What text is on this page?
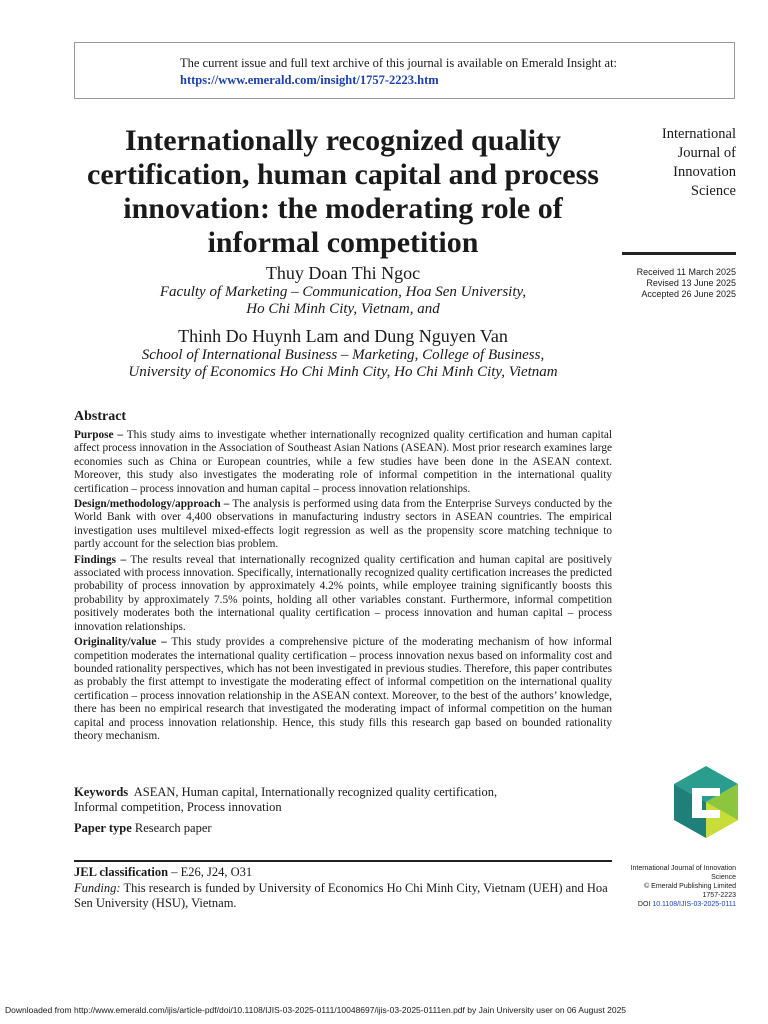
The current issue and full text archive of this journal is available on Emerald Insight at:
https://www.emerald.com/insight/1757-2223.htm
Internationally recognized quality certification, human capital and process innovation: the moderating role of informal competition
Thuy Doan Thi Ngoc
Faculty of Marketing – Communication, Hoa Sen University,
Ho Chi Minh City, Vietnam, and
Thinh Do Huynh Lam and Dung Nguyen Van
School of International Business – Marketing, College of Business,
University of Economics Ho Chi Minh City, Ho Chi Minh City, Vietnam
International
Journal of
Innovation
Science
Received 11 March 2025
Revised 13 June 2025
Accepted 26 June 2025
Abstract

Purpose – This study aims to investigate whether internationally recognized quality certification and human capital affect process innovation in the Association of Southeast Asian Nations (ASEAN). Most prior research examines large economies such as China or European countries, while a few studies have been done in the ASEAN context. Moreover, this study also investigates the moderating role of informal competition in the international quality certification – process innovation and human capital – process innovation relationships.

Design/methodology/approach – The analysis is performed using data from the Enterprise Surveys conducted by the World Bank with over 4,400 observations in manufacturing industry sectors in ASEAN countries. The empirical investigation uses multilevel mixed-effects logit regression as well as the propensity score matching technique to partly account for the selection bias problem.

Findings – The results reveal that internationally recognized quality certification and human capital are positively associated with process innovation. Specifically, internationally recognized quality certification increases the predicted probability of process innovation by approximately 4.2% points, while employee training significantly boosts this probability by approximately 7.5% points, holding all other variables constant. Furthermore, informal competition positively moderates both the international quality certification – process innovation and human capital – process innovation relationships.

Originality/value – This study provides a comprehensive picture of the moderating mechanism of how informal competition moderates the international quality certification – process innovation nexus based on informality cost and bounded rationality perspectives, which has not been investigated in previous studies. Therefore, this paper contributes as probably the first attempt to investigate the moderating effect of informal competition on the international quality certification – process innovation relationship in the ASEAN context. Moreover, to the best of the authors’ knowledge, there has been no empirical research that investigated the moderating impact of informal competition on the human capital and process innovation relationship. Hence, this study fills this research gap based on bounded rationality theory mechanism.

Keywords ASEAN, Human capital, Internationally recognized quality certification,
Informal competition, Process innovation
Paper type Research paper
JEL classification – E26, J24, O31
Funding: This research is funded by University of Economics Ho Chi Minh City, Vietnam (UEH) and Hoa Sen University (HSU), Vietnam.
International Journal of Innovation
Science
© Emerald Publishing Limited
1757-2223
DOI 10.1108/IJIS-03-2025-0111
Downloaded from http://www.emerald.com/ijis/article-pdf/doi/10.1108/IJIS-03-2025-0111/10048697/ijis-03-2025-0111en.pdf by Jain University user on 06 August 2025
